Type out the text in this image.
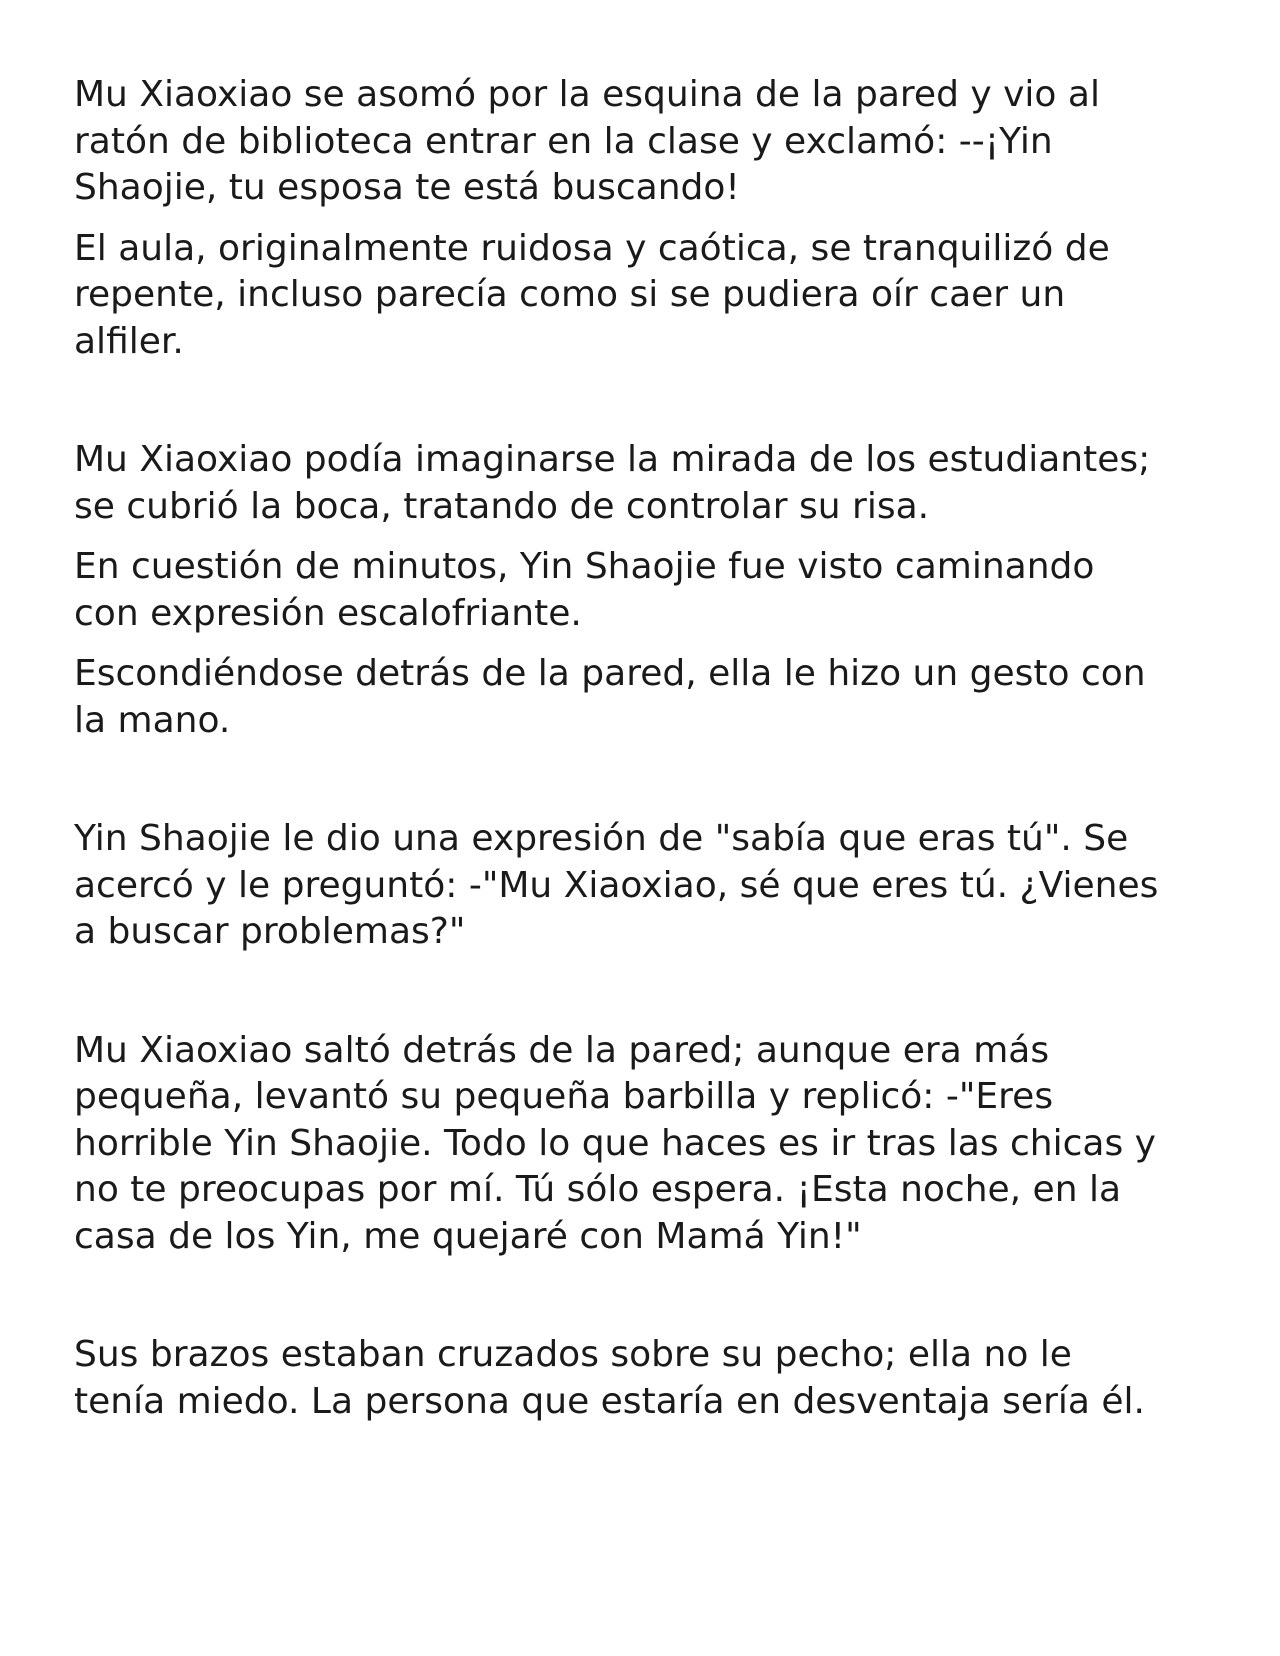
Mu Xiaoxiao se asomó por la esquina de la pared y vio al
ratón de biblioteca entrar en la clase y exclamó: --¡Yin
Shaojie, tu esposa te está buscando!

El aula, originalmente ruidosa y caótica, se tranquilizó de
repente, incluso parecía como si se pudiera oír caer un
alfiler.

Mu Xiaoxiao podía imaginarse la mirada de los estudiantes;
se cubrió la boca, tratando de controlar su risa.

En cuestión de minutos, Yin Shaojie fue visto caminando
con expresión escalofriante.

Escondiéndose detrás de la pared, ella le hizo un gesto con
la mano.

Yin Shaojie le dio una expresión de "sabía que eras tú". Se
acercó y le preguntó: -"Mu Xiaoxiao, sé que eres tú. ¿Vienes
a buscar problemas?"

Mu Xiaoxiao saltó detrás de la pared; aunque era más
pequeña, levantó su pequeña barbilla y replicó: -"Eres
horrible Yin Shaojie. Todo lo que haces es ir tras las chicas y
no te preocupas por mí. Tú sólo espera. ¡Esta noche, en la
casa de los Yin, me quejaré con Mamá Yin!"

Sus brazos estaban cruzados sobre su pecho; ella no le
tenía miedo. La persona que estaría en desventaja sería él.
